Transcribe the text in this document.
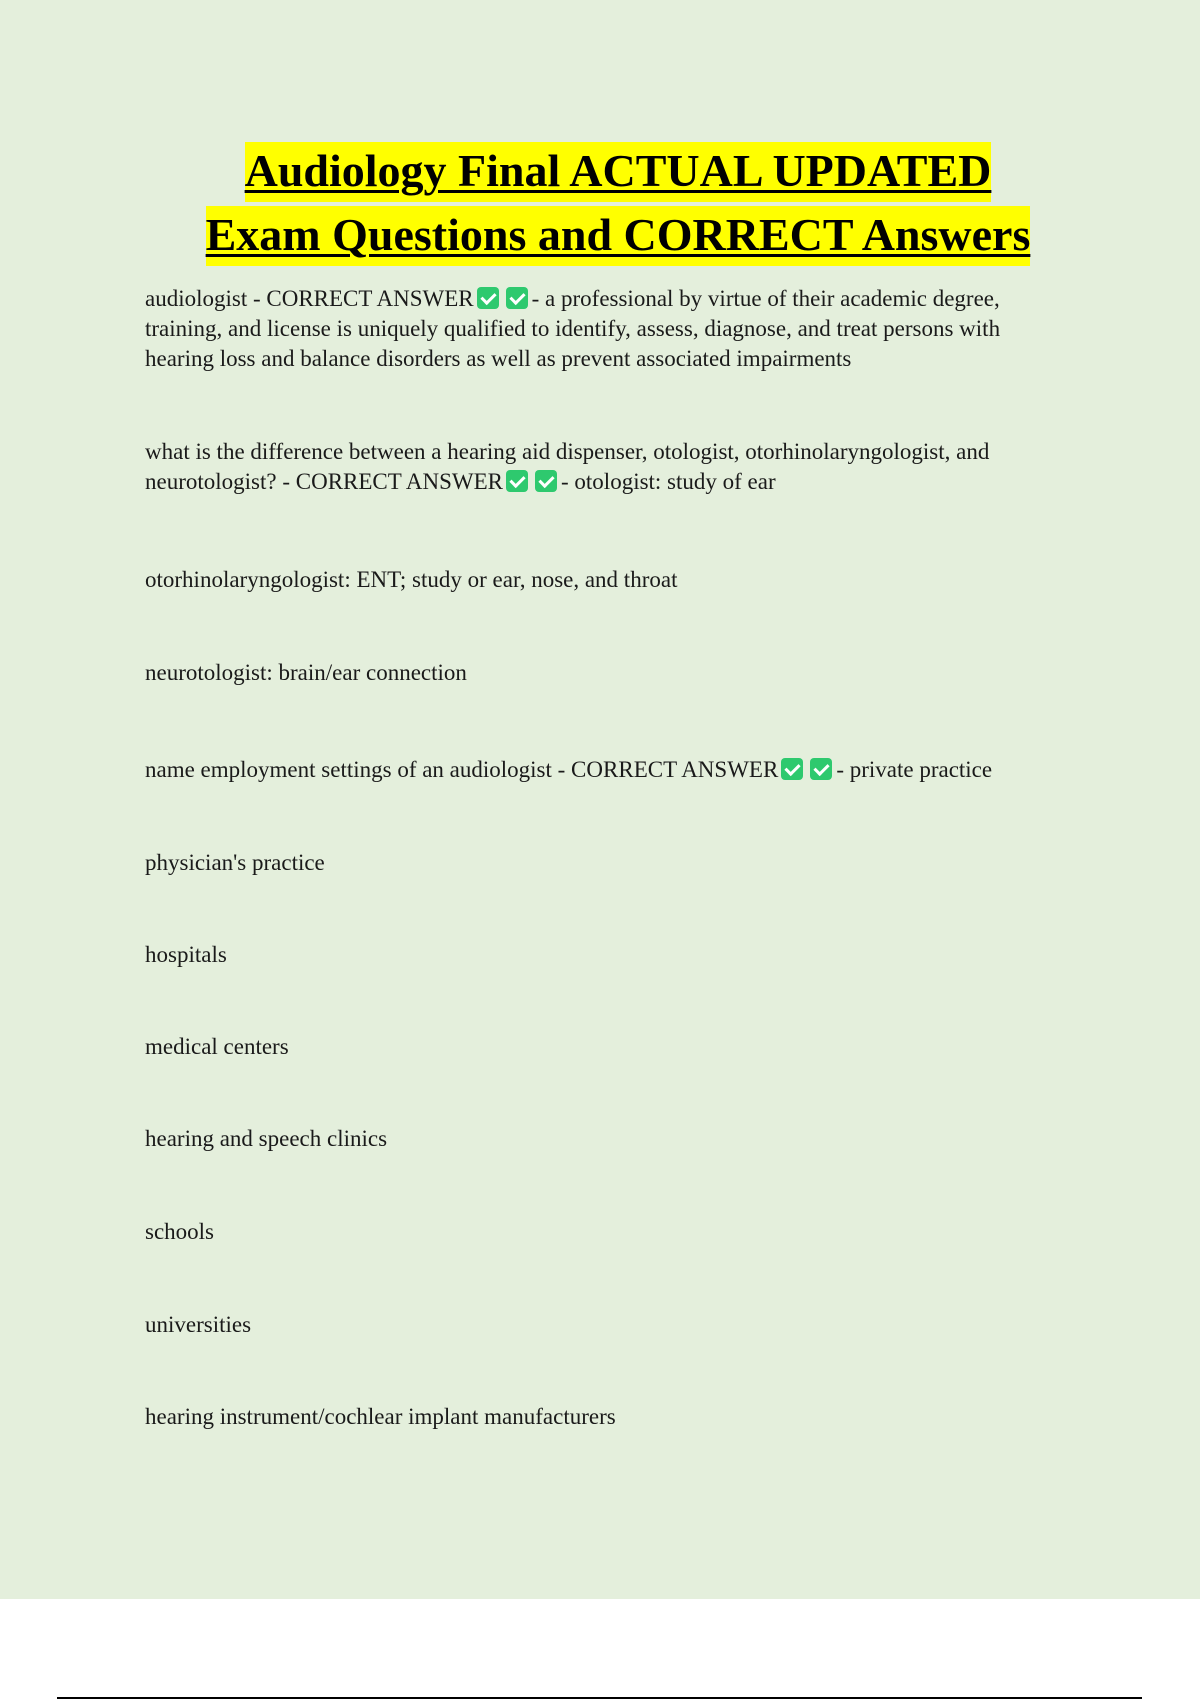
Audiology Final ACTUAL UPDATED
Exam Questions and CORRECT Answers

audiologist - CORRECT ANSWER	- a professional by virtue of their academic degree, training, and license is uniquely qualified to identify, assess, diagnose, and treat persons with hearing loss and balance disorders as well as prevent associated impairments

what is the difference between a hearing aid dispenser, otologist, otorhinolaryngologist, and neurotologist? - CORRECT ANSWER	- otologist: study of ear

otorhinolaryngologist: ENT; study or ear, nose, and throat

neurotologist: brain/ear connection

name employment settings of an audiologist - CORRECT ANSWER	- private practice

physician's practice

hospitals

medical centers

hearing and speech clinics

schools

universities

hearing instrument/cochlear implant manufacturers
